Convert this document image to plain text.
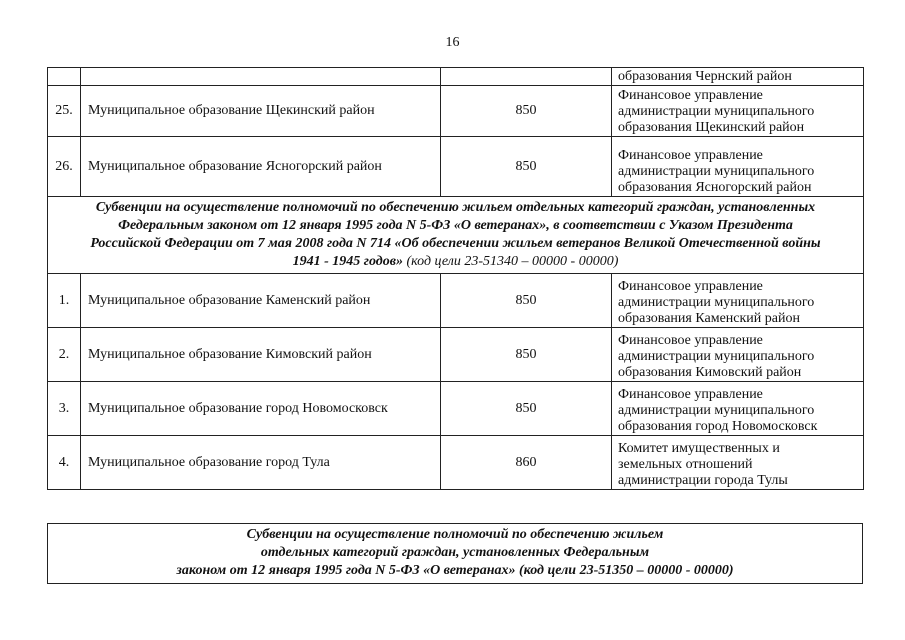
16
			образования Чернский район
25.	Муниципальное образование Щекинский район	850	Финансовое управление
администрации муниципального
образования Щекинский район

26.	Муниципальное образование Ясногорский район	850	Финансовое управление
администрации муниципального
образования Ясногорский район

Субвенции на осуществление полномочий по обеспечению жильем отдельных категорий граждан, установленных
Федеральным законом от 12 января 1995 года N 5-ФЗ «О ветеранах», в соответствии с Указом Президента
Российской Федерации от 7 мая 2008 года N 714 «Об обеспечении жильем ветеранов Великой Отечественной войны
1941 - 1945 годов» (код цели 23-51340 – 00000 - 00000)			

1.	Муниципальное образование Каменский район	850	Финансовое управление
администрации муниципального
образования Каменский район

2.	Муниципальное образование Кимовский район	850	Финансовое управление
администрации муниципального
образования Кимовский район

3.	Муниципальное образование город Новомосковск	850	Финансовое управление
администрации муниципального
образования город Новомосковск

4.	Муниципальное образование город Тула	860	Комитет имущественных и
земельных отношений
администрации города Тулы
Субвенции на осуществление полномочий по обеспечению жильем
отдельных категорий граждан, установленных Федеральным
законом от 12 января 1995 года N 5-ФЗ «О ветеранах» (код цели 23-51350 – 00000 - 00000)
